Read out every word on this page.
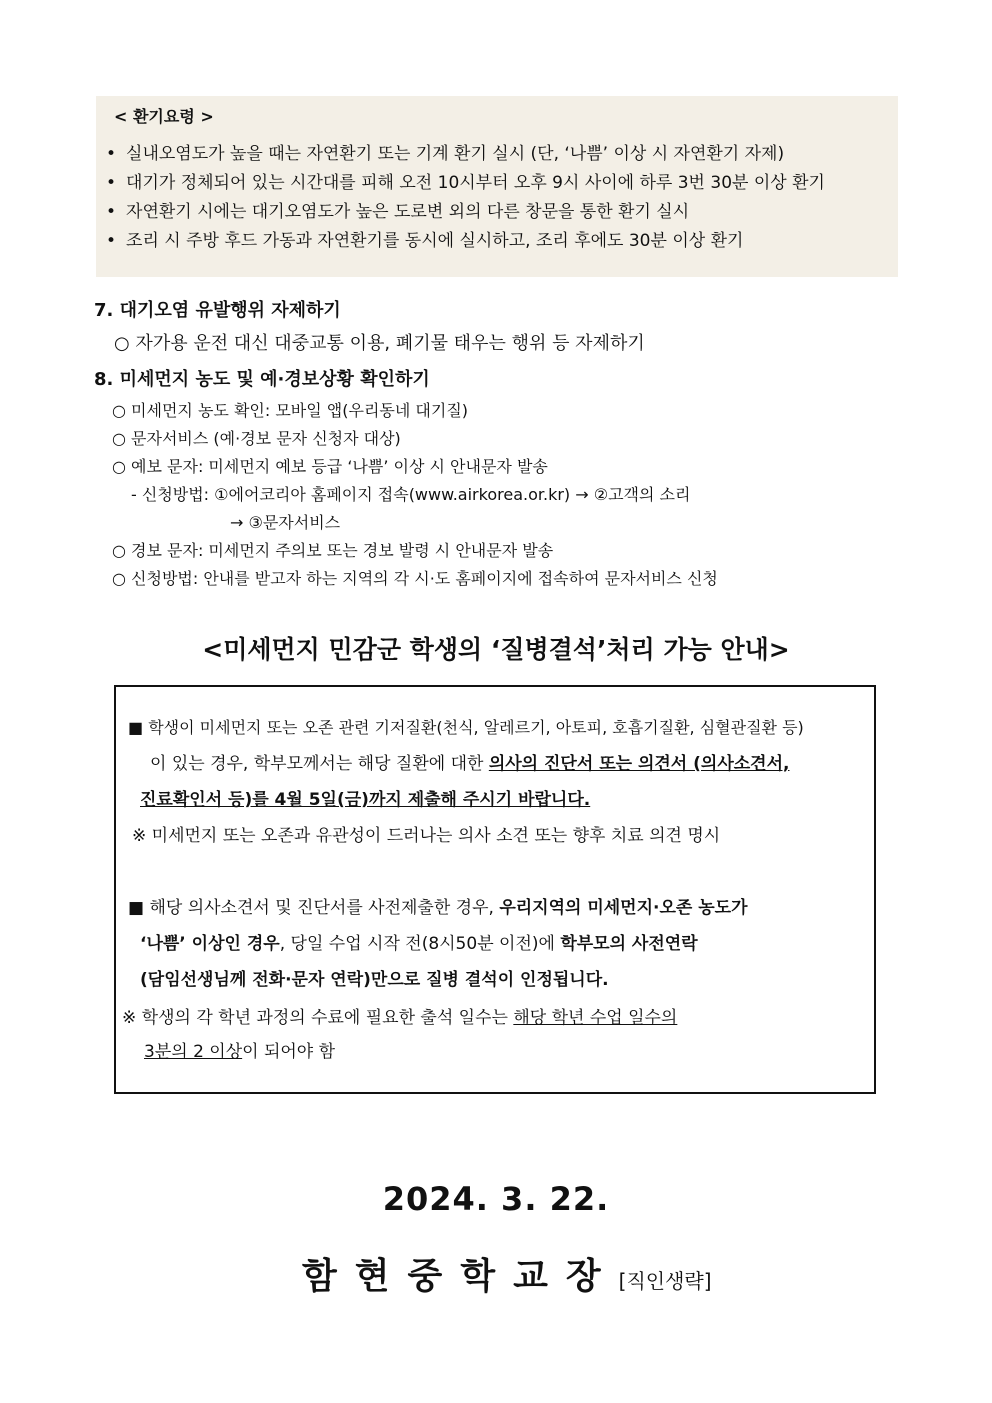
< 환기요령 >
• 실내오염도가 높을 때는 자연환기 또는 기계 환기 실시 (단, ‘나쁨’ 이상 시 자연환기 자제)
• 대기가 정체되어 있는 시간대를 피해 오전 10시부터 오후 9시 사이에 하루 3번 30분 이상 환기
• 자연환기 시에는 대기오염도가 높은 도로변 외의 다른 창문을 통한 환기 실시
• 조리 시 주방 후드 가동과 자연환기를 동시에 실시하고, 조리 후에도 30분 이상 환기
7. 대기오염 유발행위 자제하기
○ 자가용 운전 대신 대중교통 이용, 폐기물 태우는 행위 등 자제하기
8. 미세먼지 농도 및 예·경보상황 확인하기
○ 미세먼지 농도 확인: 모바일 앱(우리동네 대기질)
○ 문자서비스 (예·경보 문자 신청자 대상)
○ 예보 문자: 미세먼지 예보 등급 ‘나쁨’ 이상 시 안내문자 발송
- 신청방법: ①에어코리아 홈페이지 접속(www.airkorea.or.kr) → ②고객의 소리
→ ③문자서비스
○ 경보 문자: 미세먼지 주의보 또는 경보 발령 시 안내문자 발송
○ 신청방법: 안내를 받고자 하는 지역의 각 시·도 홈페이지에 접속하여 문자서비스 신청
<미세먼지 민감군 학생의 ‘질병결석’처리 가능 안내>
■ 학생이 미세먼지 또는 오존 관련 기저질환(천식, 알레르기, 아토피, 호흡기질환, 심혈관질환 등)
이 있는 경우, 학부모께서는 해당 질환에 대한 의사의 진단서 또는 의견서 (의사소견서,
진료확인서 등)를 4월 5일(금)까지 제출해 주시기 바랍니다.
※ 미세먼지 또는 오존과 유관성이 드러나는 의사 소견 또는 향후 치료 의견 명시
■ 해당 의사소견서 및 진단서를 사전제출한 경우, 우리지역의 미세먼지·오존 농도가
‘나쁨’ 이상인 경우, 당일 수업 시작 전(8시50분 이전)에 학부모의 사전연락
(담임선생님께 전화·문자 연락)만으로 질병 결석이 인정됩니다.
※ 학생의 각 학년 과정의 수료에 필요한 출석 일수는 해당 학년 수업 일수의
3분의 2 이상이 되어야 함
2024. 3. 22.
함현중학교장[직인생략]
